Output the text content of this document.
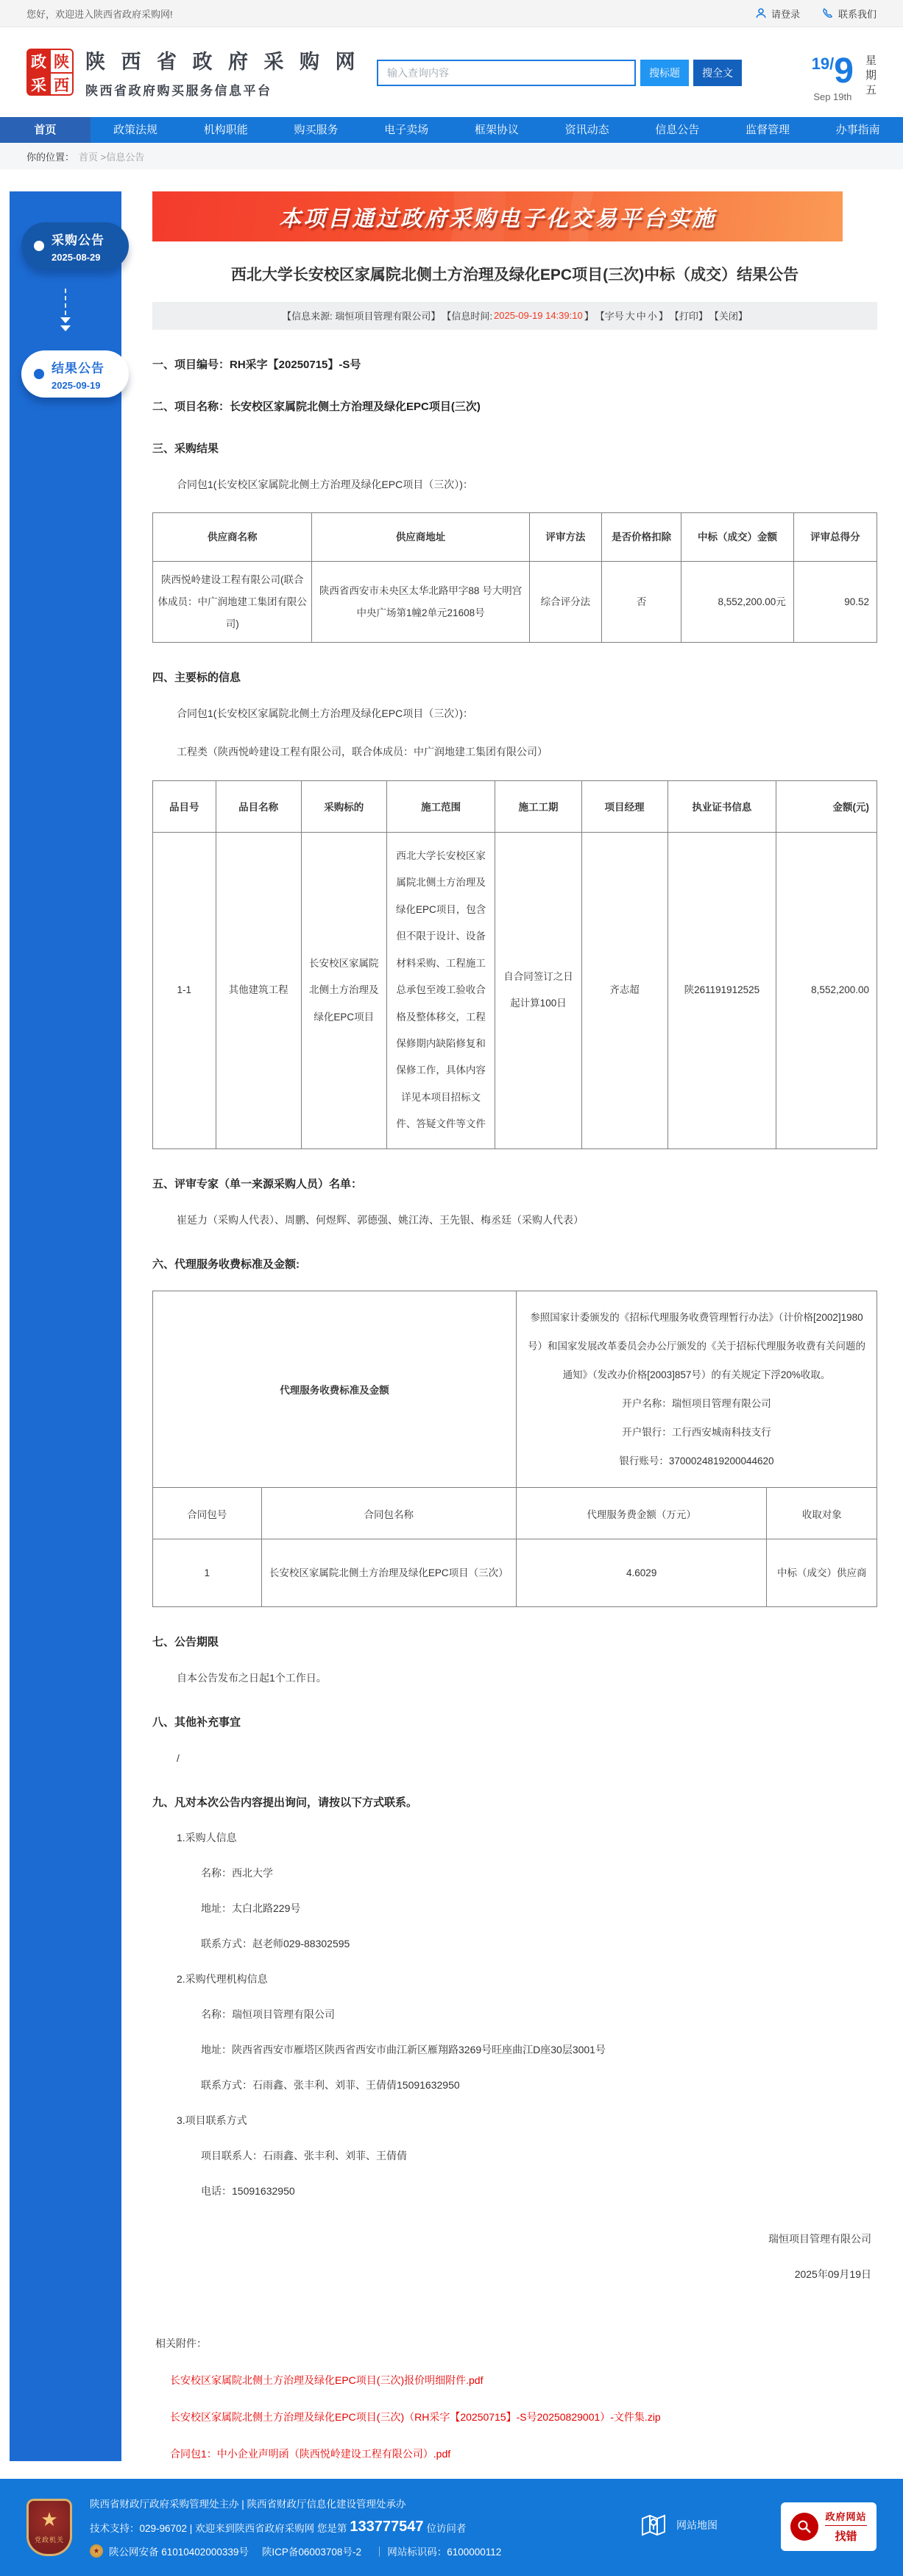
您好，欢迎进入陕西省政府采购网!	请登录	联系我们
政 陕
采 西
陕 西 省 政 府 采 购 网
陕西省政府购买服务信息平台
输入查询内容
搜标题	搜全文	19/9
Sep 19th
星
期
五
首页	政策法规	机构职能	购买服务	电子卖场	框架协议	资讯动态	信息公告	监督管理	办事指南
你的位置： 首页 >信息公告
采购公告
2025-08-29
结果公告
2025-09-19
本项目通过政府采购电子化交易平台实施
西北大学长安校区家属院北侧土方治理及绿化EPC项目(三次)中标（成交）结果公告
【信息来源: 瑞恒项目管理有限公司】 【信息时间: 2025-09-19 14:39:10 】 【字号 大 中 小 】 【打印】 【关闭】
一、项目编号：RH采字【20250715】-S号
二、项目名称：长安校区家属院北侧土方治理及绿化EPC项目(三次)
三、采购结果
合同包1(长安校区家属院北侧土方治理及绿化EPC项目（三次）)：
供应商名称	供应商地址	评审方法	是否价格扣除	中标（成交）金额	评审总得分
陕西悦岭建设工程有限公司(联合体成员：中广润地建工集团有限公司)	陕西省西安市未央区太华北路甲字88 号大明宫中央广场第1幢2单元21608号	综合评分法	否	8,552,200.00元	90.52
四、主要标的信息
合同包1(长安校区家属院北侧土方治理及绿化EPC项目（三次）)：
工程类（陕西悦岭建设工程有限公司，联合体成员：中广润地建工集团有限公司）
品目号	品目名称	采购标的	施工范围	施工工期	项目经理	执业证书信息	金额(元)
1-1	其他建筑工程	长安校区家属院北侧土方治理及绿化EPC项目	西北大学长安校区家属院北侧土方治理及绿化EPC项目，包含但不限于设计、设备材料采购、工程施工总承包至竣工验收合格及整体移交，工程保修期内缺陷修复和保修工作，具体内容详见本项目招标文件、答疑文件等文件	自合同签订之日起计算100日	齐志超	陕261191912525	8,552,200.00
五、评审专家（单一来源采购人员）名单：
崔延力（采购人代表）、周鹏、何煜辉、郭德强、姚江涛、王先银、梅丞廷（采购人代表）
六、代理服务收费标准及金额:
代理服务收费标准及金额		参照国家计委颁发的《招标代理服务收费管理暂行办法》（计价格[2002]1980号）和国家发展改革委员会办公厅颁发的《关于招标代理服务收费有关问题的通知》（发改办价格[2003]857号）的有关规定下浮20%收取。
开户名称：瑞恒项目管理有限公司
开户银行：工行西安城南科技支行
银行账号：3700024819200044620	

合同包号	合同包名称	代理服务费金额（万元）	收取对象
1	长安校区家属院北侧土方治理及绿化EPC项目（三次）	4.6029	中标（成交）供应商
七、公告期限
自本公告发布之日起1个工作日。
八、其他补充事宜
/
九、凡对本次公告内容提出询问，请按以下方式联系。
1.采购人信息
名称：西北大学
地址：太白北路229号
联系方式：赵老师029-88302595
2.采购代理机构信息
名称：瑞恒项目管理有限公司
地址：陕西省西安市雁塔区陕西省西安市曲江新区雁翔路3269号旺座曲江D座30层3001号
联系方式：石雨鑫、张丰利、刘菲、王倩倩15091632950
3.项目联系方式
项目联系人：石雨鑫、张丰利、刘菲、王倩倩
电话：15091632950
瑞恒项目管理有限公司
2025年09月19日
相关附件：
长安校区家属院北侧土方治理及绿化EPC项目(三次)报价明细附件.pdf
长安校区家属院北侧土方治理及绿化EPC项目(三次)（RH采字【20250715】-S号20250829001）-文件集.zip
合同包1：中小企业声明函（陕西悦岭建设工程有限公司）.pdf
★
党政机关
陕西省财政厅政府采购管理处主办 | 陕西省财政厅信息化建设管理处承办
技术支持：029-96702 | 欢迎来到陕西省政府采购网 您是第 133777547 位访问者
★ 陕公网安备 61010402000339号 陕ICP备06003708号-2 ｜ 网站标识码：6100000112
网站地图
政府网站
找错
